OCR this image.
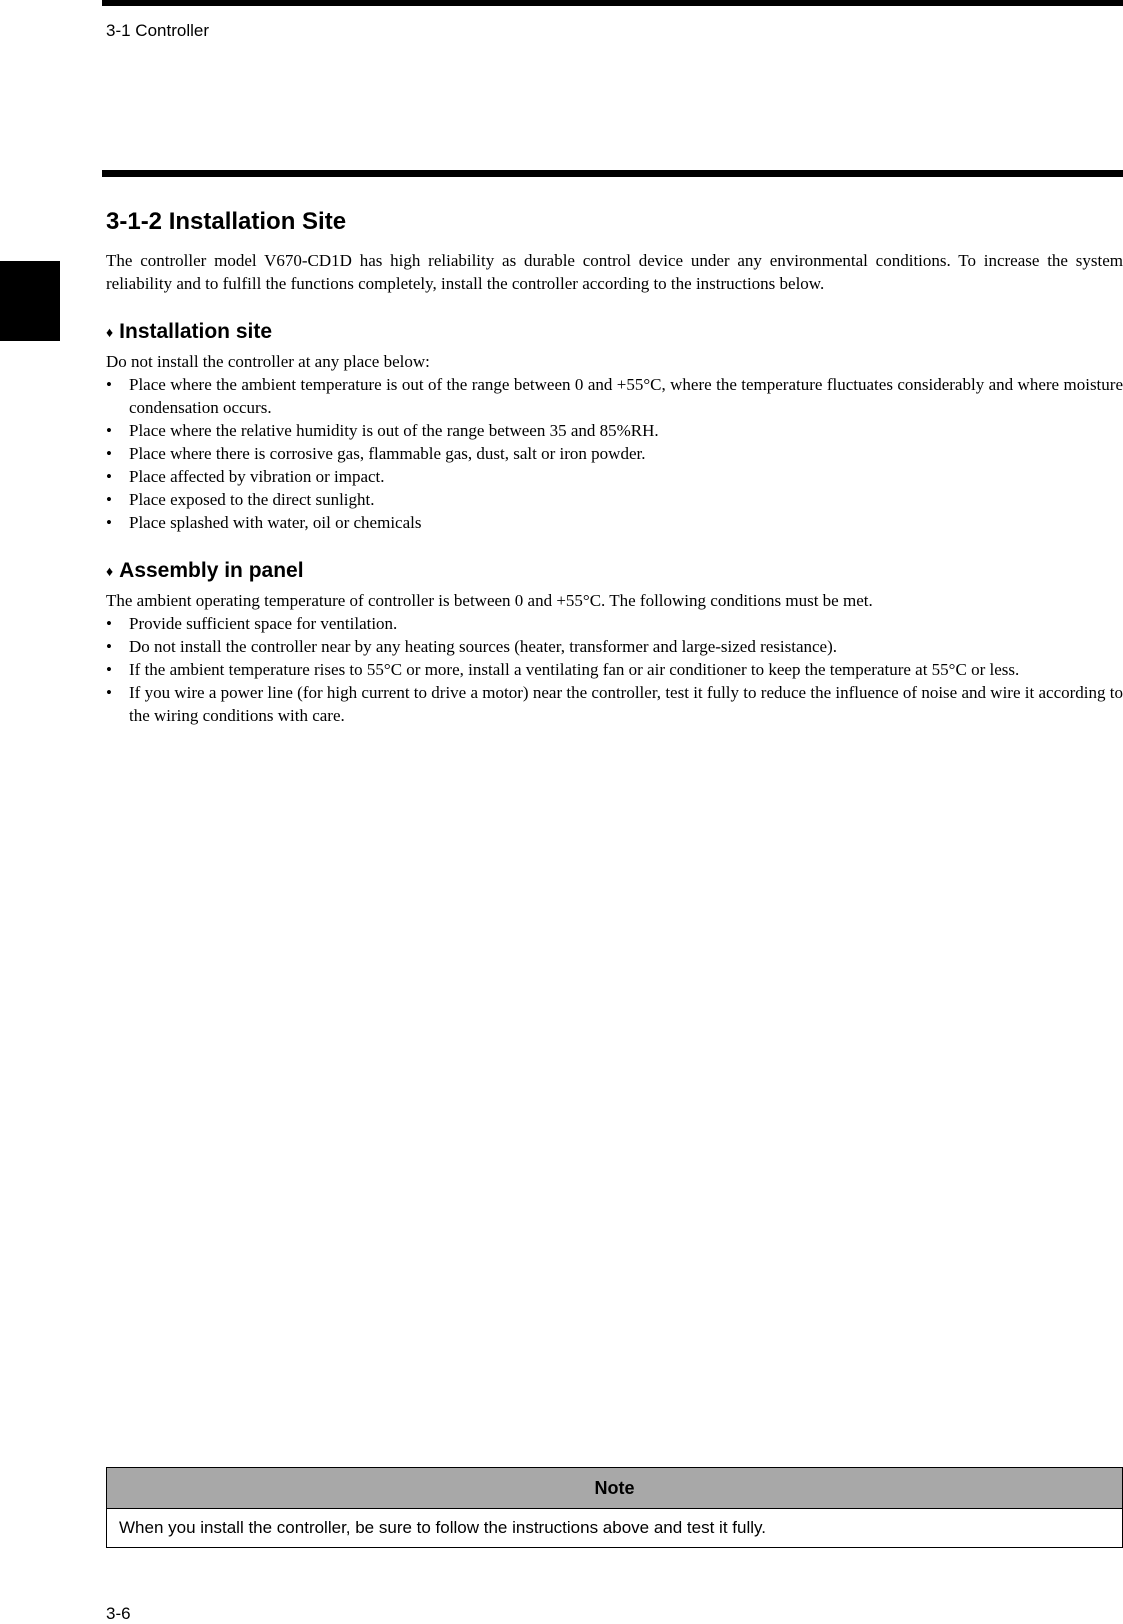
3-1 Controller
3-1-2 Installation Site

The controller model V670-CD1D has high reliability as durable control device under any environmental conditions. To increase the system reliability and to fulfill the functions completely, install the controller according to the instructions below.

♦ Installation site

Do not install the controller at any place below:

• Place where the ambient temperature is out of the range between 0 and +55°C, where the temperature fluctuates considerably and where moisture condensation occurs.
• Place where the relative humidity is out of the range between 35 and 85%RH.
• Place where there is corrosive gas, flammable gas, dust, salt or iron powder.
• Place affected by vibration or impact.
• Place exposed to the direct sunlight.
• Place splashed with water, oil or chemicals
♦ Assembly in panel

The ambient operating temperature of controller is between 0 and +55°C. The following conditions must be met.

• Provide sufficient space for ventilation.
• Do not install the controller near by any heating sources (heater, transformer and large-sized resistance).
• If the ambient temperature rises to 55°C or more, install a ventilating fan or air conditioner to keep the temperature at 55°C or less.
• If you wire a power line (for high current to drive a motor) near the controller, test it fully to reduce the influence of noise and wire it according to the wiring conditions with care.
Note
When you install the controller, be sure to follow the instructions above and test it fully.
3-6
